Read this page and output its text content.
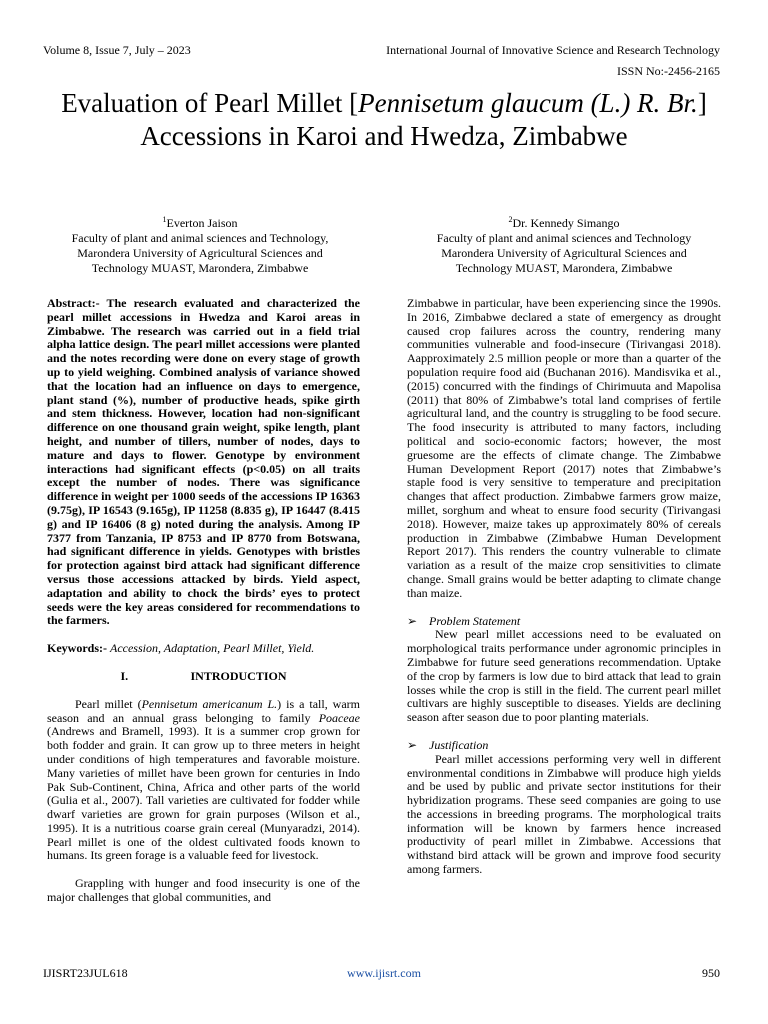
Volume 8, Issue 7, July – 2023	International Journal of Innovative Science and Research Technology
ISSN No:-2456-2165
Evaluation of Pearl Millet [Pennisetum glaucum (L.) R. Br.] Accessions in Karoi and Hwedza, Zimbabwe
$^1$Everton Jaison
Faculty of plant and animal sciences and Technology,
Marondera University of Agricultural Sciences and
Technology MUAST, Marondera, Zimbabwe
$^2$Dr. Kennedy Simango
Faculty of plant and animal sciences and Technology
Marondera University of Agricultural Sciences and
Technology MUAST, Marondera, Zimbabwe

Abstract:- The research evaluated and characterized the pearl millet accessions in Hwedza and Karoi areas in Zimbabwe. The research was carried out in a field trial alpha lattice design. The pearl millet accessions were planted and the notes recording were done on every stage of growth up to yield weighing. Combined analysis of variance showed that the location had an influence on days to emergence, plant stand (%), number of productive heads, spike girth and stem thickness. However, location had non-significant difference on one thousand grain weight, spike length, plant height, and number of tillers, number of nodes, days to mature and days to flower. Genotype by environment interactions had significant effects (p<0.05) on all traits except the number of nodes. There was significance difference in weight per 1000 seeds of the accessions IP 16363 (9.75g), IP 16543 (9.165g), IP 11258 (8.835 g), IP 16447 (8.415 g) and IP 16406 (8 g) noted during the analysis. Among IP 7377 from Tanzania, IP 8753 and IP 8770 from Botswana, had significant difference in yields. Genotypes with bristles for protection against bird attack had significant difference versus those accessions attacked by birds. Yield aspect, adaptation and ability to chock the birds’ eyes to protect seeds were the key areas considered for recommendations to the farmers.

Keywords:- Accession, Adaptation, Pearl Millet, Yield.

I.	INTRODUCTION

Pearl millet (Pennisetum americanum L.) is a tall, warm season and an annual grass belonging to family Poaceae (Andrews and Bramell, 1993). It is a summer crop grown for both fodder and grain. It can grow up to three meters in height under conditions of high temperatures and favorable moisture. Many varieties of millet have been grown for centuries in Indo Pak Sub-Continent, China, Africa and other parts of the world (Gulia et al., 2007). Tall varieties are cultivated for fodder while dwarf varieties are grown for grain purposes (Wilson et al., 1995). It is a nutritious coarse grain cereal (Munyaradzi, 2014). Pearl millet is one of the oldest cultivated foods known to humans. Its green forage is a valuable feed for livestock.

Grappling with hunger and food insecurity is one of the major challenges that global communities, and

Zimbabwe in particular, have been experiencing since the 1990s. In 2016, Zimbabwe declared a state of emergency as drought caused crop failures across the country, rendering many communities vulnerable and food-insecure (Tirivangasi 2018). Aapproximately 2.5 million people or more than a quarter of the population require food aid (Buchanan 2016). Mandisvika et al., (2015) concurred with the findings of Chirimuuta and Mapolisa (2011) that 80% of Zimbabwe’s total land comprises of fertile agricultural land, and the country is struggling to be food secure. The food insecurity is attributed to many factors, including political and socio-economic factors; however, the most gruesome are the effects of climate change. The Zimbabwe Human Development Report (2017) notes that Zimbabwe’s staple food is very sensitive to temperature and precipitation changes that affect production. Zimbabwe farmers grow maize, millet, sorghum and wheat to ensure food security (Tirivangasi 2018). However, maize takes up approximately 80% of cereals production in Zimbabwe (Zimbabwe Human Development Report 2017). This renders the country vulnerable to climate variation as a result of the maize crop sensitivities to climate change. Small grains would be better adapting to climate change than maize.

➢ Problem Statement

New pearl millet accessions need to be evaluated on morphological traits performance under agronomic principles in Zimbabwe for future seed generations recommendation. Uptake of the crop by farmers is low due to bird attack that lead to grain losses while the crop is still in the field. The current pearl millet cultivars are highly susceptible to diseases. Yields are declining season after season due to poor planting materials.

➢ Justification

Pearl millet accessions performing very well in different environmental conditions in Zimbabwe will produce high yields and be used by public and private sector institutions for their hybridization programs. These seed companies are going to use the accessions in breeding programs. The morphological traits information will be known by farmers hence increased productivity of pearl millet in Zimbabwe. Accessions that withstand bird attack will be grown and improve food security among farmers.

IJISRT23JUL618	www.ijisrt.com	950
